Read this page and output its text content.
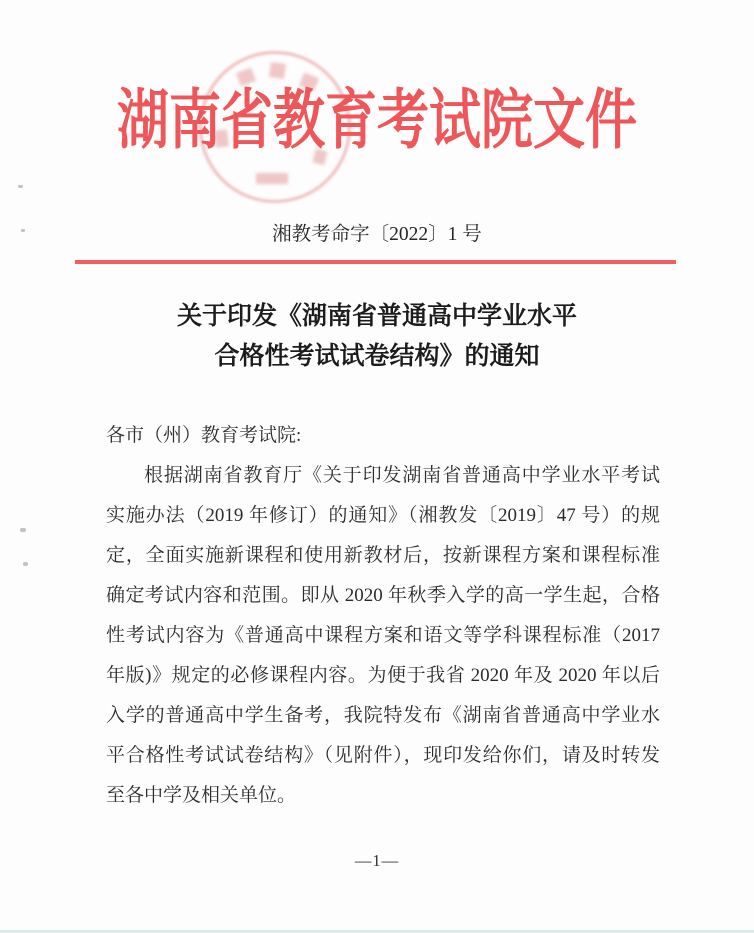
湖南省教育考试院文件
湘教考命字〔2022〕1 号
关于印发《湖南省普通高中学业水平
合格性考试试卷结构》的通知
各市（州）教育考试院:
根据湖南省教育厅《关于印发湖南省普通高中学业水平考试
实施办法（2019 年修订）的通知》（湘教发〔2019〕47 号）的规
定，全面实施新课程和使用新教材后，按新课程方案和课程标准
确定考试内容和范围。即从 2020 年秋季入学的高一学生起，合格
性考试内容为《普通高中课程方案和语文等学科课程标准（2017
年版)》规定的必修课程内容。为便于我省 2020 年及 2020 年以后
入学的普通高中学生备考，我院特发布《湖南省普通高中学业水
平合格性考试试卷结构》（见附件），现印发给你们，请及时转发
至各中学及相关单位。
—1—
